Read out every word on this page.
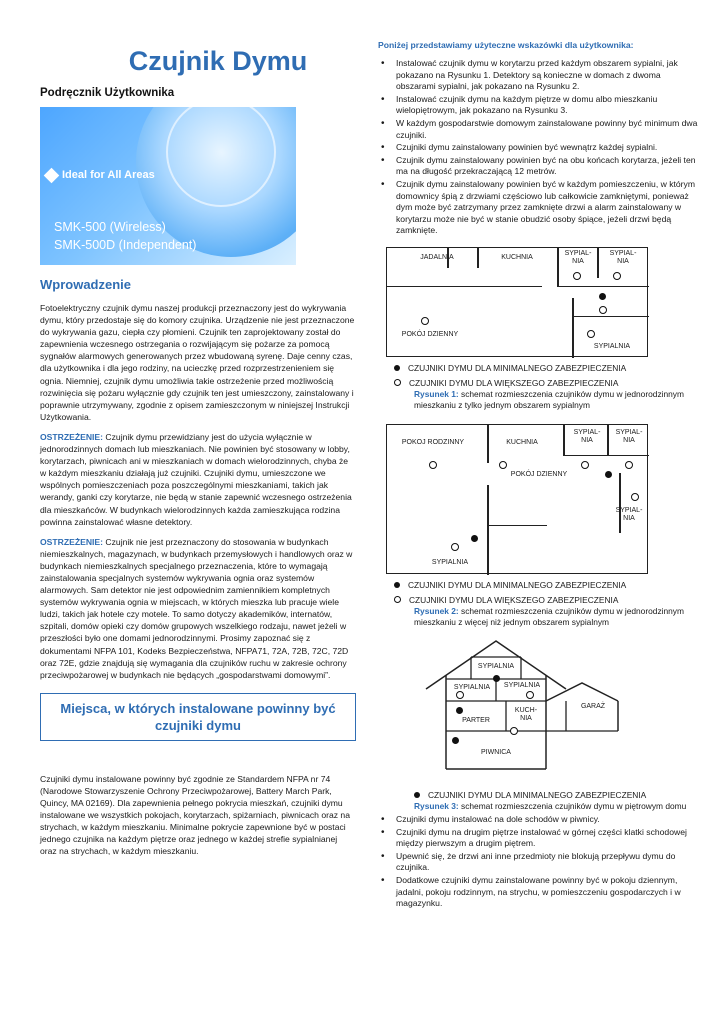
Czujnik Dymu
Podręcznik Użytkownika
Ideal for All Areas
SMK-500 (Wireless)
SMK-500D (Independent)
Wprowadzenie

Fotoelektryczny czujnik dymu naszej produkcji przeznaczony jest do wykrywania dymu, który przedostaje się do komory czujnika. Urządzenie nie jest przeznaczone do wykrywania gazu, ciepła czy płomieni. Czujnik ten zaprojektowany został do zapewnienia wczesnego ostrzegania o rozwijającym się pożarze za pomocą sygnałów alarmowych generowanych przez wbudowaną syrenę. Daje cenny czas, dla użytkownika i dla jego rodziny, na ucieczkę przed rozprzestrzenieniem się ognia. Niemniej, czujnik dymu umożliwia takie ostrzeżenie przed możliwością rozwinięcia się pożaru wyłącznie gdy czujnik ten jest umieszczony, zainstalowany i poprawnie utrzymywany, zgodnie z opisem zamieszczonym w niniejszej Instrukcji Użytkowania.

OSTRZEŻENIE: Czujnik dymu przewidziany jest do użycia wyłącznie w jednorodzinnych domach lub mieszkaniach. Nie powinien być stosowany w lobby, korytarzach, piwnicach ani w mieszkaniach w domach wielorodzinnych, chyba że w każdym mieszkaniu działają już czujniki. Czujniki dymu, umieszczone we wspólnych pomieszczeniach poza poszczególnymi mieszkaniami, takich jak werandy, ganki czy korytarze, nie będą w stanie zapewnić wczesnego ostrzeżenia dla mieszkańców. W budynkach wielorodzinnych każda zamieszkująca rodzina powinna zainstalować własne detektory.

OSTRZEŻENIE: Czujnik nie jest przeznaczony do stosowania w budynkach niemieszkalnych, magazynach, w budynkach przemysłowych i handlowych oraz w budynkach niemieszkalnych specjalnego przeznaczenia, które to wymagają zainstalowania specjalnych systemów wykrywania ognia oraz systemów alarmowych. Sam detektor nie jest odpowiednim zamiennikiem kompletnych systemów wykrywania ognia w miejscach, w których mieszka lub pracuje wiele ludzi, takich jak hotele czy motele. To samo dotyczy akademików, internatów, szpitali, domów opieki czy domów grupowych wszelkiego rodzaju, nawet jeżeli w przeszłości było one domami jednorodzinnymi. Prosimy zapoznać się z dokumentami NFPA 101, Kodeks Bezpieczeństwa, NFPA71, 72A, 72B, 72C, 72D oraz 72E, gdzie znajdują się wymagania dla czujników ruchu w zakresie ochrony przeciwpożarowej w budynkach nie będących „gospodarstwami domowymi”.

Miejsca, w których instalowane powinny być czujniki dymu

Czujniki dymu instalowane powinny być zgodnie ze Standardem NFPA nr 74 (Narodowe Stowarzyszenie Ochrony Przeciwpożarowej, Battery March Park, Quincy, MA 02169). Dla zapewnienia pełnego pokrycia mieszkań, czujniki dymu instalowane we wszystkich pokojach, korytarzach, spiżarniach, piwnicach oraz na strychach, w każdym mieszkaniu. Minimalne pokrycie zapewnione być w postaci jednego czujnika na każdym piętrze oraz jednego w każdej strefie sypialnianej oraz na strychach, w każdym mieszkaniu.

Poniżej przedstawiamy użyteczne wskazówki dla użytkownika:
• Instalować czujnik dymu w korytarzu przed każdym obszarem sypialni, jak pokazano na Rysunku 1. Detektory są konieczne w domach z dwoma obszarami sypialni, jak pokazano na Rysunku 2.
• Instalować czujnik dymu na każdym piętrze w domu albo mieszkaniu wielopiętrowym, jak pokazano na Rysunku 3.
• W każdym gospodarstwie domowym zainstalowane powinny być minimum dwa czujniki.
• Czujniki dymu zainstalowany powinien być wewnątrz każdej sypialni.
• Czujnik dymu zainstalowany powinien być na obu końcach korytarza, jeżeli ten ma na długość przekraczającą 12 metrów.
• Czujnik dymu zainstalowany powinien być w każdym pomieszczeniu, w którym domownicy śpią z drzwiami częściowo lub całkowicie zamkniętymi, ponieważ dym może być zatrzymany przez zamknięte drzwi a alarm zainstalowany w korytarzu może nie być w stanie obudzić osoby śpiące, jeżeli drzwi będą zamknięte.
JADALNIA	KUCHNIA
SYPIAL-
NIA
SYPIAL-
NIA
POKÓJ DZIENNY
SYPIALNIA
CZUJNIKI DYMU DLA MINIMALNEGO ZABEZPIECZENIA
CZUJNIKI DYMU DLA WIĘKSZEGO ZABEZPIECZENIA
Rysunek 1: schemat rozmieszczenia czujników dymu w jednorodzinnym mieszkaniu z tylko jednym obszarem sypialnym
POKOJ RODZINNY	KUCHNIA
SYPIAL-
NIA
SYPIAL-
NIA
POKÓJ DZIENNY
SYPIAL-
NIA
SYPIALNIA
CZUJNIKI DYMU DLA MINIMALNEGO ZABEZPIECZENIA
CZUJNIKI DYMU DLA WIĘKSZEGO ZABEZPIECZENIA
Rysunek 2: schemat rozmieszczenia czujników dymu w jednorodzinnym mieszkaniu z więcej niż jednym obszarem sypialnym
SYPIALNIA
SYPIALNIA	SYPIALNIA
PARTER
KUCH-
NIA
GARAŻ
PIWNICA
CZUJNIKI DYMU DLA MINIMALNEGO ZABEZPIECZENIA
Rysunek 3: schemat rozmieszczenia czujników dymu w piętrowym domu
• Czujniki dymu instalować na dole schodów w piwnicy.
• Czujniki dymu na drugim piętrze instalować w górnej części klatki schodowej między pierwszym a drugim piętrem.
• Upewnić się, że drzwi ani inne przedmioty nie blokują przepływu dymu do czujnika.
• Dodatkowe czujniki dymu zainstalowane powinny być w pokoju dziennym, jadalni, pokoju rodzinnym, na strychu, w pomieszczeniu gospodarczych i w magazynku.
